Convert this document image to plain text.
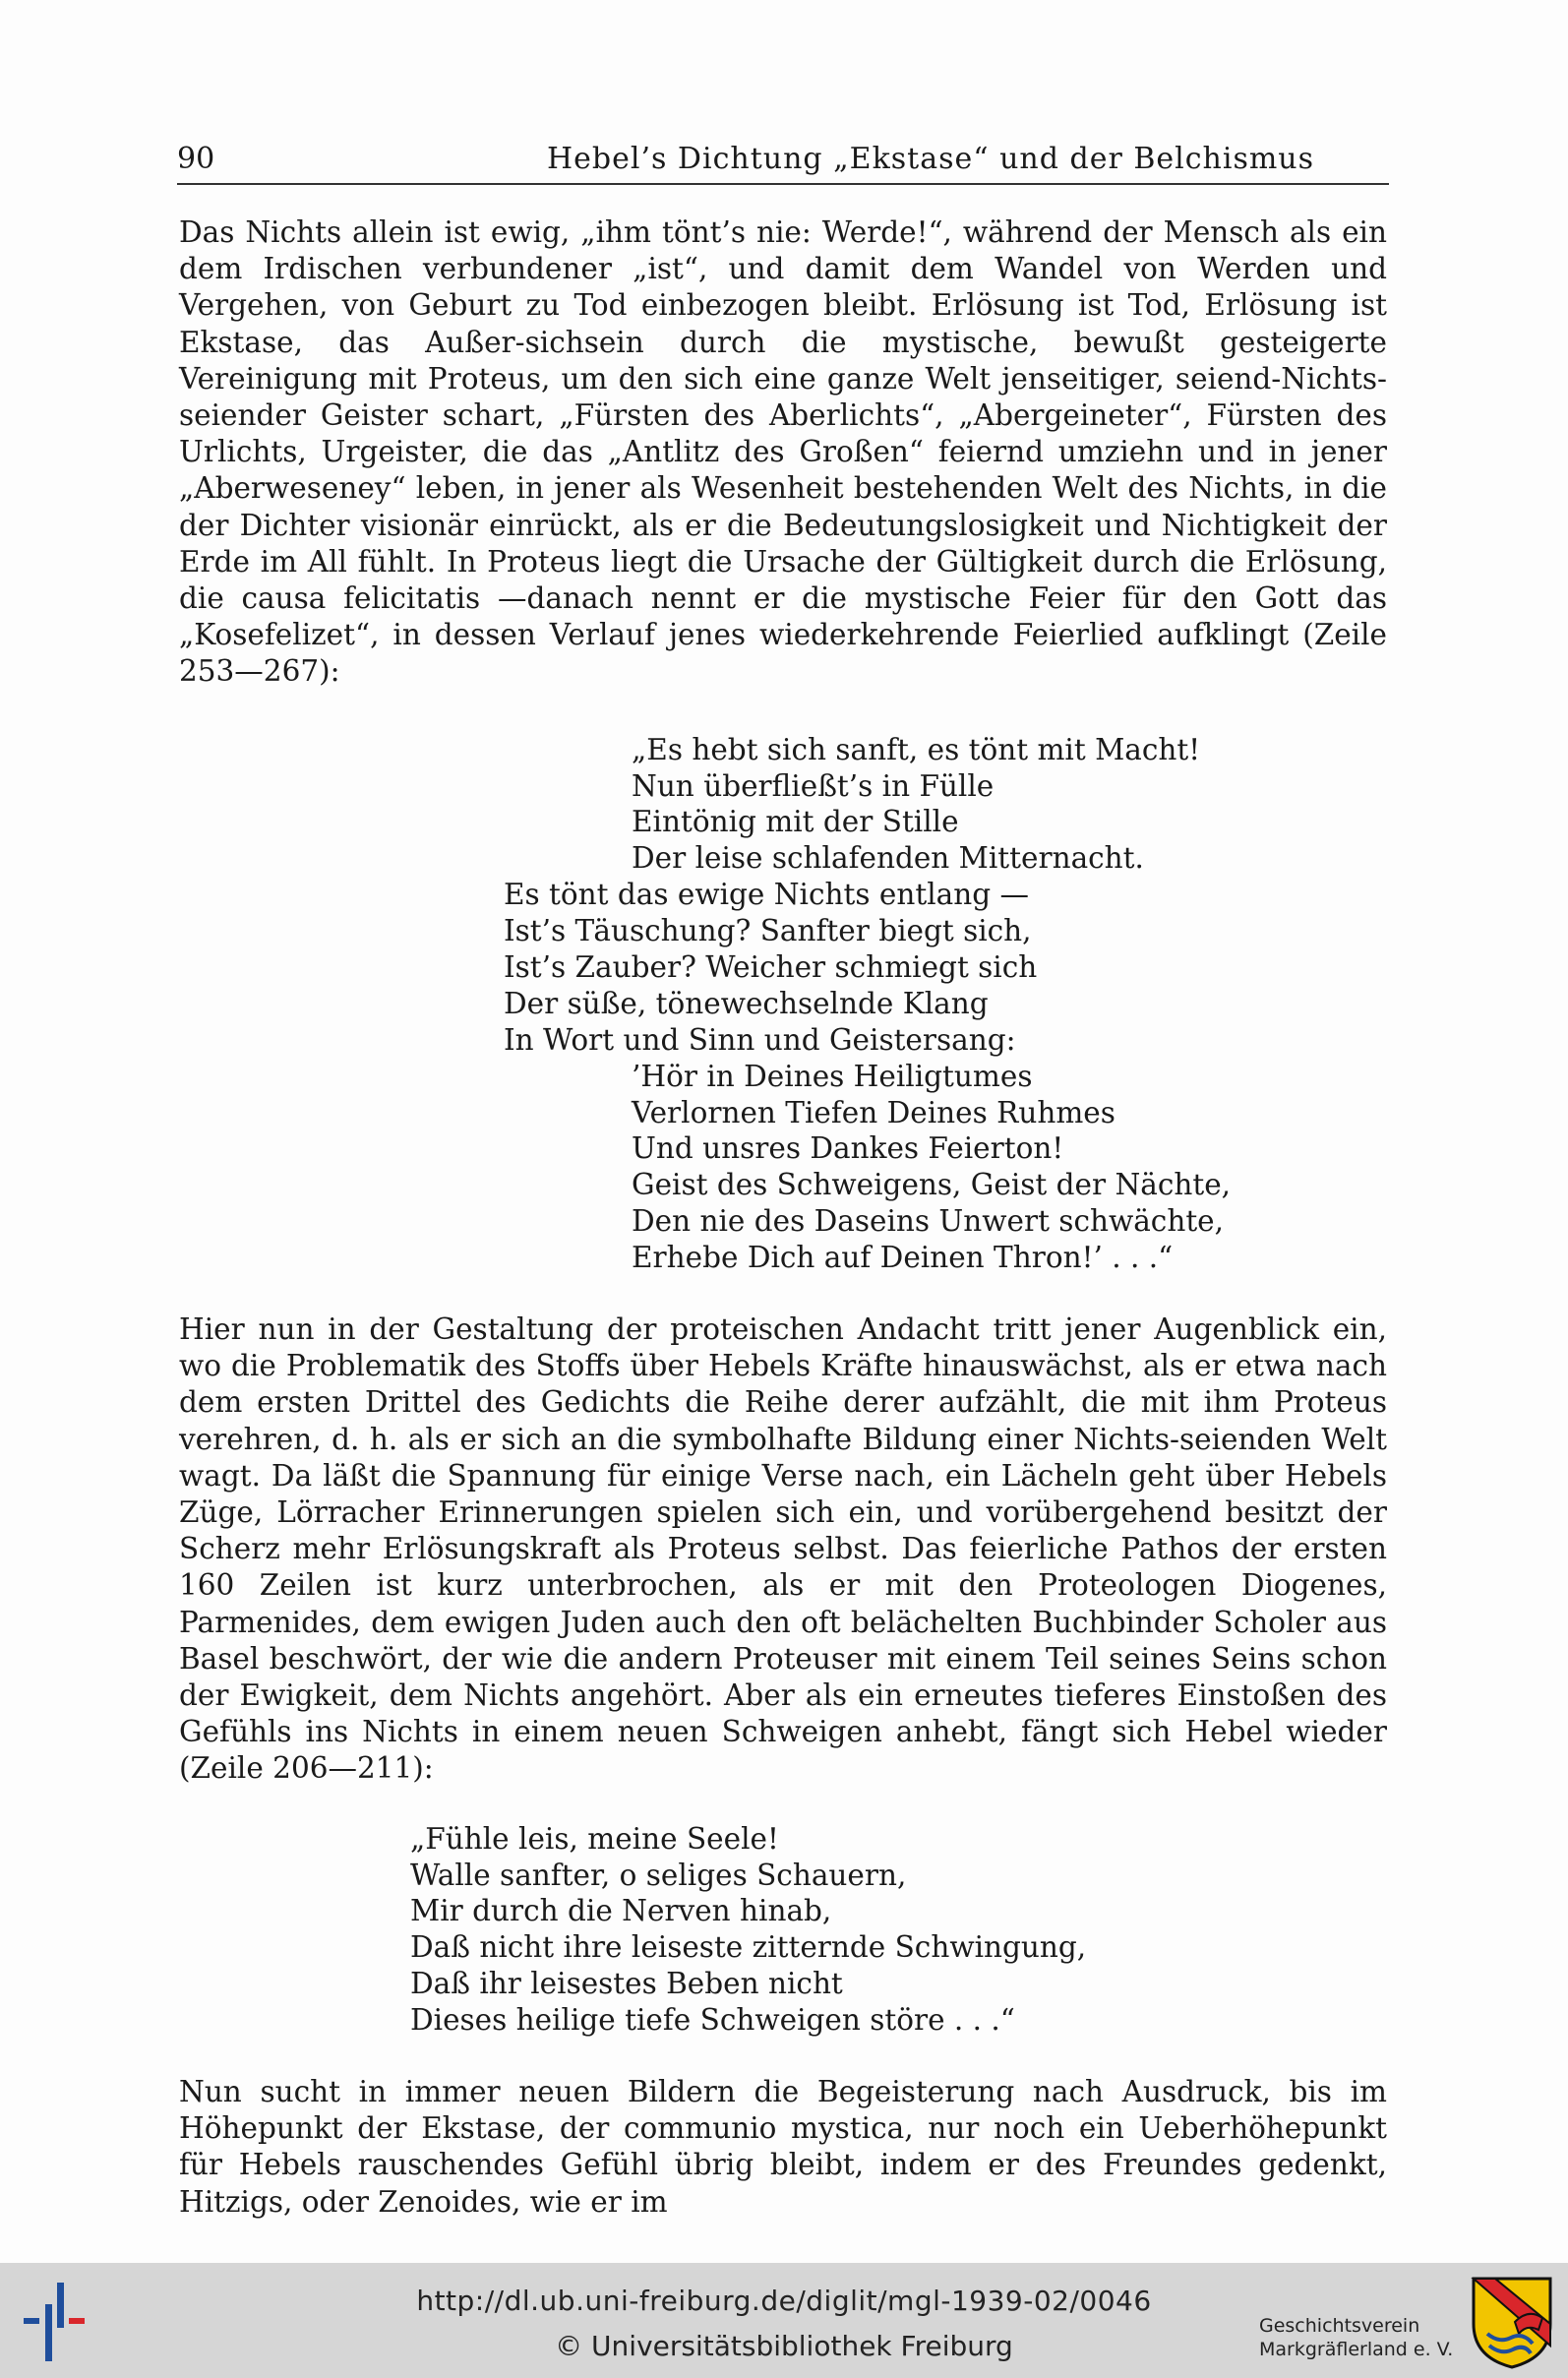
90	Hebel’s Dichtung „Ekstase“ und der Belchismus

Das Nichts allein ist ewig, „ihm tönt’s nie: Werde!“, während der Mensch als ein dem Irdischen verbundener „ist“, und damit dem Wandel von Werden und Vergehen, von Geburt zu Tod einbezogen bleibt. Erlösung ist Tod, Erlösung ist Ekstase, das Außer-sichsein durch die mystische, bewußt gesteigerte Vereinigung mit Proteus, um den sich eine ganze Welt jenseitiger, seiend-Nichts-seiender Geister schart, „Fürsten des Aberlichts“, „Abergeineter“, Fürsten des Urlichts, Urgeister, die das „Antlitz des Großen“ feiernd umziehn und in jener „Aberweseney“ leben, in jener als Wesenheit bestehenden Welt des Nichts, in die der Dichter visionär einrückt, als er die Bedeutungslosigkeit und Nichtigkeit der Erde im All fühlt. In Proteus liegt die Ursache der Gültigkeit durch die Erlösung, die causa felicitatis —danach nennt er die mystische Feier für den Gott das „Kosefelizet“, in dessen Verlauf jenes wiederkehrende Feierlied aufklingt (Zeile 253—267):

„Es hebt sich sanft, es tönt mit Macht!
Nun überfließt’s in Fülle
Eintönig mit der Stille
Der leise schlafenden Mitternacht.
Es tönt das ewige Nichts entlang —
Ist’s Täuschung? Sanfter biegt sich,
Ist’s Zauber? Weicher schmiegt sich
Der süße, tönewechselnde Klang
In Wort und Sinn und Geistersang:
’Hör in Deines Heiligtumes
Verlornen Tiefen Deines Ruhmes
Und unsres Dankes Feierton!
Geist des Schweigens, Geist der Nächte,
Den nie des Daseins Unwert schwächte,
Erhebe Dich auf Deinen Thron!’ . . .“

Hier nun in der Gestaltung der proteischen Andacht tritt jener Augenblick ein, wo die Problematik des Stoffs über Hebels Kräfte hinauswächst, als er etwa nach dem ersten Drittel des Gedichts die Reihe derer aufzählt, die mit ihm Proteus verehren, d. h. als er sich an die symbolhafte Bildung einer Nichts-seienden Welt wagt. Da läßt die Spannung für einige Verse nach, ein Lächeln geht über Hebels Züge, Lörracher Erinnerungen spielen sich ein, und vorübergehend besitzt der Scherz mehr Erlösungskraft als Proteus selbst. Das feierliche Pathos der ersten 160 Zeilen ist kurz unterbrochen, als er mit den Proteologen Diogenes, Parmenides, dem ewigen Juden auch den oft belächelten Buchbinder Scholer aus Basel beschwört, der wie die andern Proteuser mit einem Teil seines Seins schon der Ewigkeit, dem Nichts angehört. Aber als ein erneutes tieferes Einstoßen des Gefühls ins Nichts in einem neuen Schweigen anhebt, fängt sich Hebel wieder (Zeile 206—211):

„Fühle leis, meine Seele!
Walle sanfter, o seliges Schauern,
Mir durch die Nerven hinab,
Daß nicht ihre leiseste zitternde Schwingung,
Daß ihr leisestes Beben nicht
Dieses heilige tiefe Schweigen störe . . .“

Nun sucht in immer neuen Bildern die Begeisterung nach Ausdruck, bis im Höhepunkt der Ekstase, der communio mystica, nur noch ein Ueberhöhepunkt für Hebels rauschendes Gefühl übrig bleibt, indem er des Freundes gedenkt, Hitzigs, oder Zenoides, wie er im

http://dl.ub.uni-freiburg.de/diglit/mgl-1939-02/0046
© Universitätsbibliothek Freiburg
Geschichtsverein
Markgräflerland e. V.
